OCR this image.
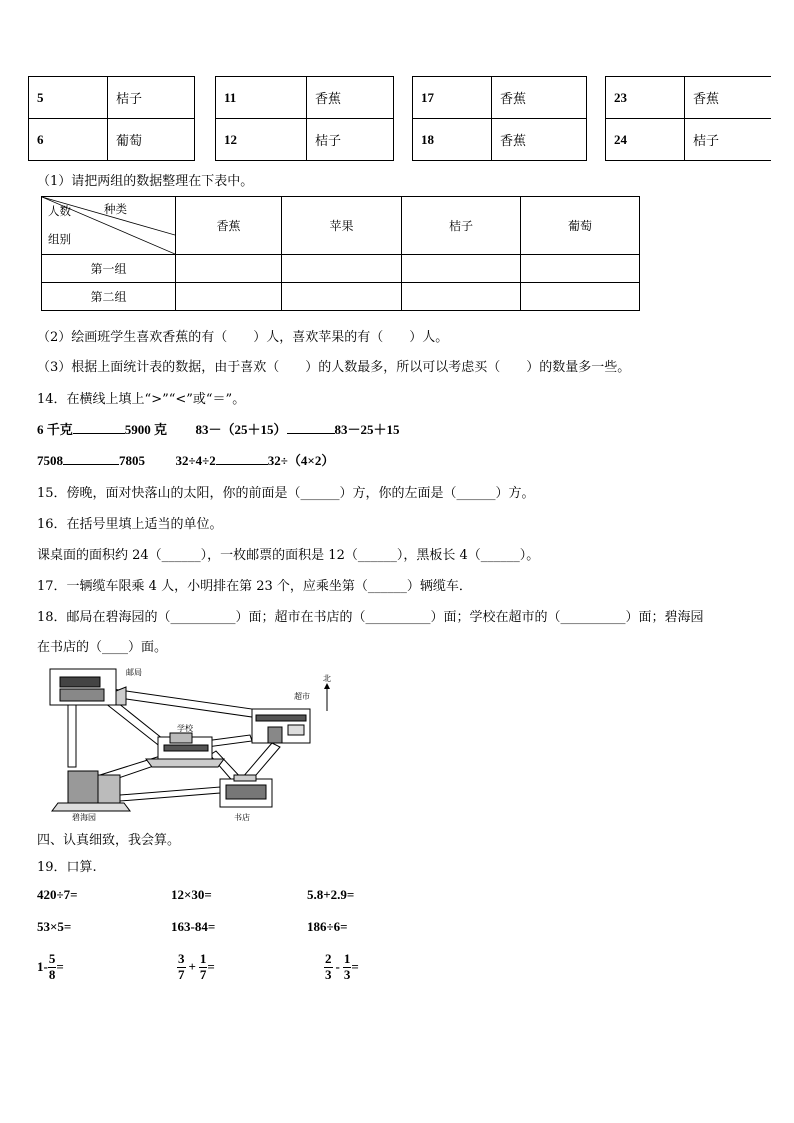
5	桔子		11	香蕉		17	香蕉		23	香蕉
6	葡萄		12	桔子		18	香蕉		24	桔子
（1）请把两组的数据整理在下表中。
人数 种类
组别	香蕉	苹果	桔子	葡萄
第一组				
第二组				
（2）绘画班学生喜欢香蕉的有（　　）人，喜欢苹果的有（　　）人。
（3）根据上面统计表的数据，由于喜欢（　　）的人数最多，所以可以考虑买（　　）的数量多一些。
14．在横线上填上“>”“<”或“＝”。
6 千克	5900 克 83－（25＋15）	83－25＋15
7508	7805 32÷4÷2	32÷（4×2）
15．傍晚，面对快落山的太阳，你的前面是（______）方，你的左面是（______）方。
16．在括号里填上适当的单位。
课桌面的面积约 24（______），一枚邮票的面积是 12（______），黑板长 4（______）。
17．一辆缆车限乘 4 人，小明排在第 23 个，应乘坐第（______）辆缆车．
18．邮局在碧海园的（__________）面；超市在书店的（__________）面；学校在超市的（__________）面；碧海园
在书店的（____）面。
邮局
超市
北
学校
碧海园	书店
四、认真细致，我会算。
19．口算.
420÷7=	12×30=	5.8+2.9=
53×5=	163-84=	186÷6=
$1- \frac{5}{8}$ =	$\frac{3}{7} + \frac{1}{7}$ =	$\frac{2}{3} - \frac{1}{3}$ =
